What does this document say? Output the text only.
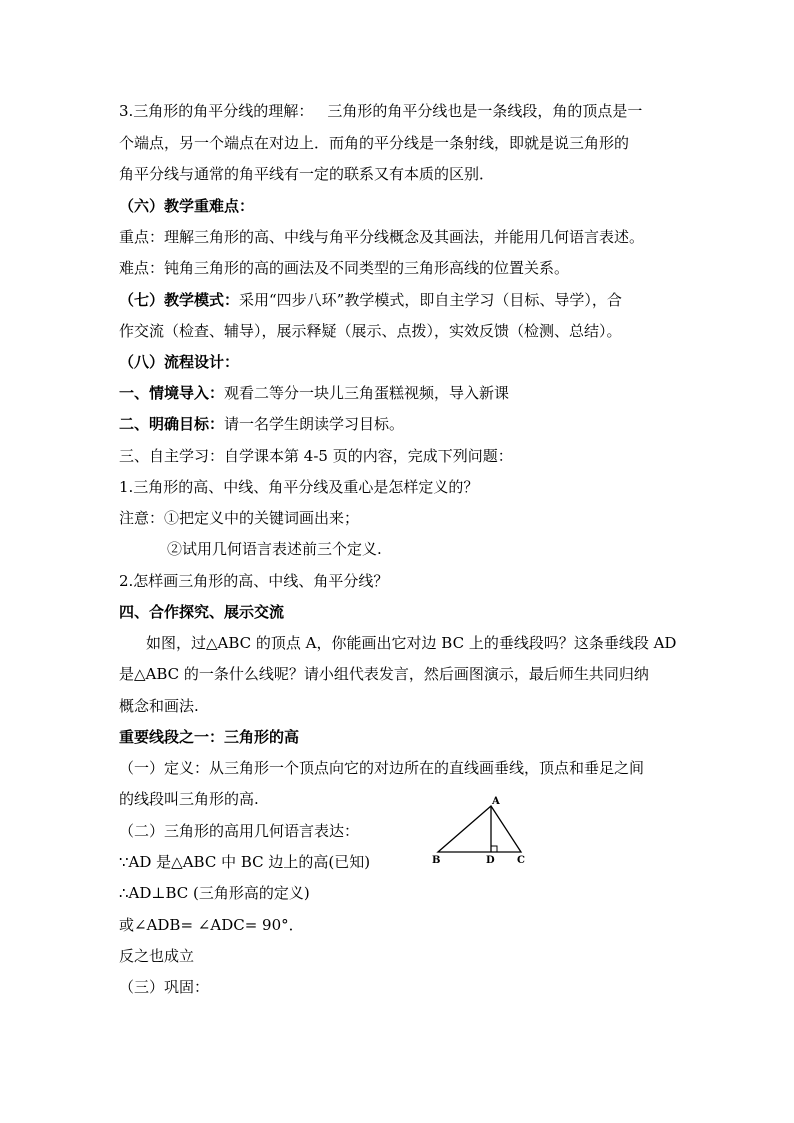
3.三角形的角平分线的理解： 三角形的角平分线也是一条线段，角的顶点是一
个端点，另一个端点在对边上．而角的平分线是一条射线，即就是说三角形的
角平分线与通常的角平线有一定的联系又有本质的区别．
（六）教学重难点：
重点：理解三角形的高、中线与角平分线概念及其画法，并能用几何语言表述。
难点：钝角三角形的高的画法及不同类型的三角形高线的位置关系。
（七）教学模式：采用“四步八环”教学模式，即自主学习（目标、导学），合
作交流（检查、辅导），展示释疑（展示、点拨），实效反馈（检测、总结）。
（八）流程设计：
一、情境导入：观看二等分一块儿三角蛋糕视频，导入新课
二、明确目标：请一名学生朗读学习目标。
三、自主学习：自学课本第 4-5 页的内容，完成下列问题：
1.三角形的高、中线、角平分线及重心是怎样定义的？
注意：①把定义中的关键词画出来；
②试用几何语言表述前三个定义.
2.怎样画三角形的高、中线、角平分线？
四、合作探究、展示交流
如图，过△ABC 的顶点 A，你能画出它对边 BC 上的垂线段吗？这条垂线段 AD
是△ABC 的一条什么线呢？请小组代表发言，然后画图演示，最后师生共同归纳
概念和画法.
重要线段之一：三角形的高
（一）定义：从三角形一个顶点向它的对边所在的直线画垂线，顶点和垂足之间
的线段叫三角形的高.
（二）三角形的高用几何语言表达：
∵AD 是△ABC 中 BC 边上的高(已知)
∴AD⊥BC (三角形高的定义)
或∠ADB= ∠ADC= 90°．
反之也成立
（三）巩固：
A
B	C
D
